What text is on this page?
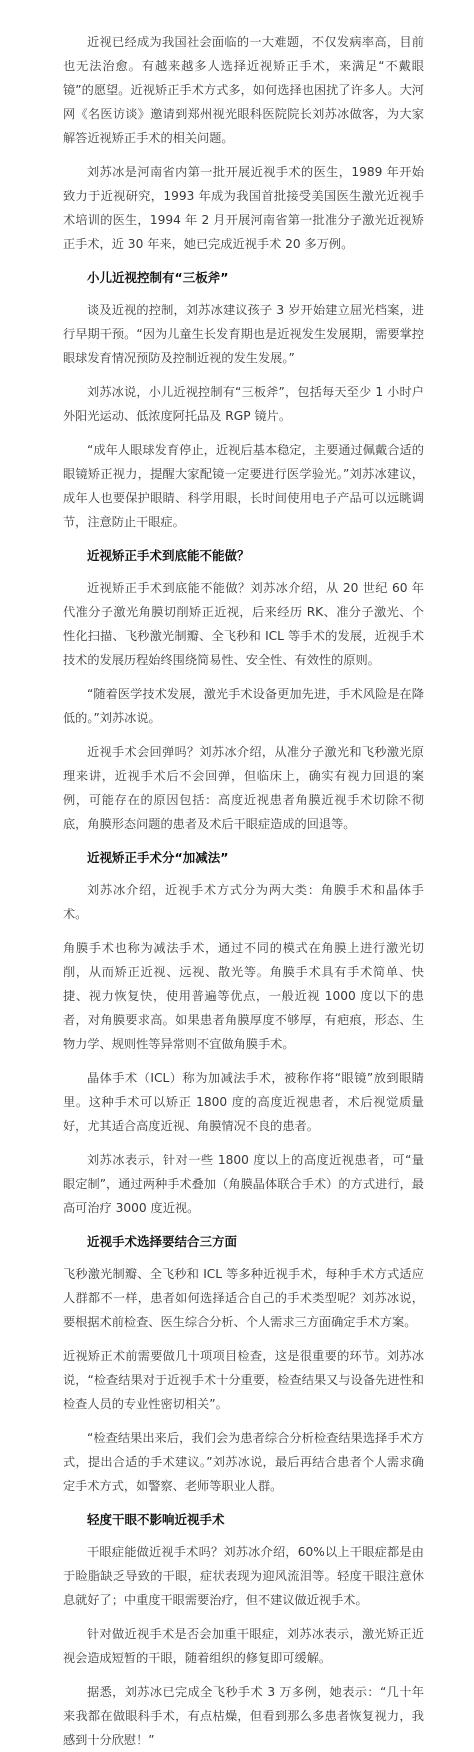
近视已经成为我国社会面临的一大难题，不仅发病率高，目前也无法治愈。有越来越多人选择近视矫正手术，来满足“不戴眼镜”的愿望。近视矫正手术方式多，如何选择也困扰了许多人。大河网《名医访谈》邀请到郑州视光眼科医院院长刘苏冰做客，为大家解答近视矫正手术的相关问题。

刘苏冰是河南省内第一批开展近视手术的医生，1989 年开始致力于近视研究，1993 年成为我国首批接受美国医生激光近视手术培训的医生，1994 年 2 月开展河南省第一批准分子激光近视矫正手术，近 30 年来，她已完成近视手术 20 多万例。

小儿近视控制有“三板斧”

谈及近视的控制，刘苏冰建议孩子 3 岁开始建立屈光档案，进行早期干预。“因为儿童生长发育期也是近视发生发展期，需要掌控眼球发育情况预防及控制近视的发生发展。”

刘苏冰说，小儿近视控制有“三板斧”，包括每天至少 1 小时户外阳光运动、低浓度阿托品及 RGP 镜片。

“成年人眼球发育停止，近视后基本稳定，主要通过佩戴合适的眼镜矫正视力，提醒大家配镜一定要进行医学验光。”刘苏冰建议，成年人也要保护眼睛、科学用眼，长时间使用电子产品可以远眺调节，注意防止干眼症。

近视矫正手术到底能不能做？

近视矫正手术到底能不能做？刘苏冰介绍，从 20 世纪 60 年代准分子激光角膜切削矫正近视，后来经历 RK、准分子激光、个性化扫描、飞秒激光制瓣、全飞秒和 ICL 等手术的发展，近视手术技术的发展历程始终围绕简易性、安全性、有效性的原则。

“随着医学技术发展，激光手术设备更加先进，手术风险是在降低的。”刘苏冰说。

近视手术会回弹吗？刘苏冰介绍，从准分子激光和飞秒激光原理来讲，近视手术后不会回弹，但临床上，确实有视力回退的案例，可能存在的原因包括：高度近视患者角膜近视手术切除不彻底，角膜形态问题的患者及术后干眼症造成的回退等。

近视矫正手术分“加减法”

刘苏冰介绍，近视手术方式分为两大类：角膜手术和晶体手术。

角膜手术也称为减法手术，通过不同的模式在角膜上进行激光切削，从而矫正近视、远视、散光等。角膜手术具有手术简单、快捷、视力恢复快，使用普遍等优点，一般近视 1000 度以下的患者，对角膜要求高。如果患者角膜厚度不够厚，有疤痕，形态、生物力学、规则性等异常则不宜做角膜手术。

晶体手术（ICL）称为加减法手术，被称作将“眼镜”放到眼睛里。这种手术可以矫正 1800 度的高度近视患者，术后视觉质量好，尤其适合高度近视、角膜情况不良的患者。

刘苏冰表示，针对一些 1800 度以上的高度近视患者，可“量眼定制”，通过两种手术叠加（角膜晶体联合手术）的方式进行，最高可治疗 3000 度近视。

近视手术选择要结合三方面

飞秒激光制瓣、全飞秒和 ICL 等多种近视手术，每种手术方式适应人群都不一样，患者如何选择适合自己的手术类型呢？刘苏冰说，要根据术前检查、医生综合分析、个人需求三方面确定手术方案。

近视矫正术前需要做几十项项目检查，这是很重要的环节。刘苏冰说，“检查结果对于近视手术十分重要，检查结果又与设备先进性和检查人员的专业性密切相关”。

“检查结果出来后，我们会为患者综合分析检查结果选择手术方式，提出合适的手术建议。”刘苏冰说，最后再结合患者个人需求确定手术方式，如警察、老师等职业人群。

轻度干眼不影响近视手术

干眼症能做近视手术吗？刘苏冰介绍，60%以上干眼症都是由于睑脂缺乏导致的干眼，症状表现为迎风流泪等。轻度干眼注意休息就好了；中重度干眼需要治疗，但不建议做近视手术。

针对做近视手术是否会加重干眼症，刘苏冰表示，激光矫正近视会造成短暂的干眼，随着组织的修复即可缓解。

据悉，刘苏冰已完成全飞秒手术 3 万多例，她表示：“几十年来我都在做眼科手术，有点枯燥，但看到那么多患者恢复视力，我感到十分欣慰！”
